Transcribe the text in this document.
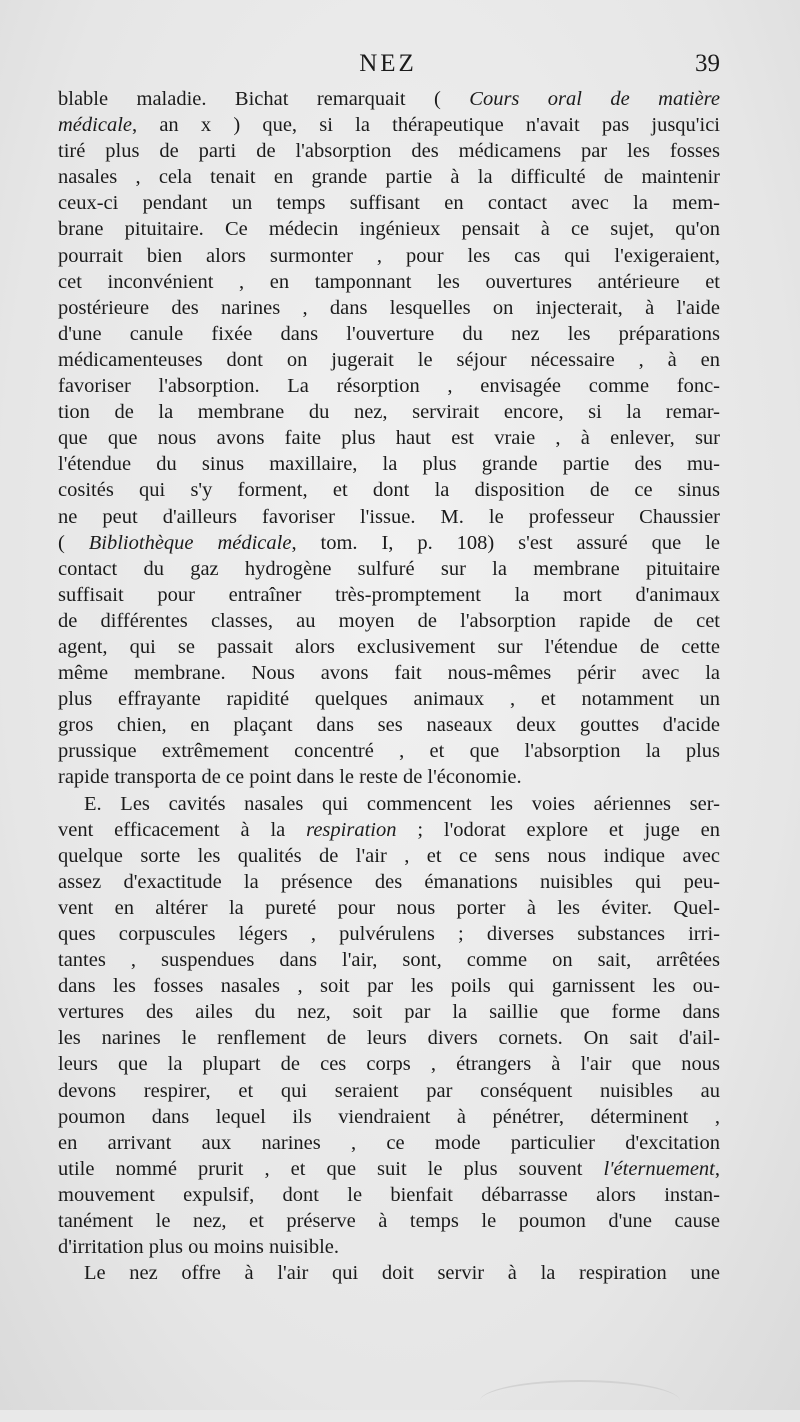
NEZ	39
blable maladie. Bichat remarquait ( Cours oral de matière
médicale, an x ) que, si la thérapeutique n'avait pas jusqu'ici
tiré plus de parti de l'absorption des médicamens par les fosses
nasales , cela tenait en grande partie à la difficulté de maintenir
ceux-ci pendant un temps suffisant en contact avec la mem-
brane pituitaire. Ce médecin ingénieux pensait à ce sujet, qu'on
pourrait bien alors surmonter , pour les cas qui l'exigeraient,
cet inconvénient , en tamponnant les ouvertures antérieure et
postérieure des narines , dans lesquelles on injecterait, à l'aide
d'une canule fixée dans l'ouverture du nez les préparations
médicamenteuses dont on jugerait le séjour nécessaire , à en
favoriser l'absorption. La résorption , envisagée comme fonc-
tion de la membrane du nez, servirait encore, si la remar-
que que nous avons faite plus haut est vraie , à enlever, sur
l'étendue du sinus maxillaire, la plus grande partie des mu-
cosités qui s'y forment, et dont la disposition de ce sinus
ne peut d'ailleurs favoriser l'issue. M. le professeur Chaussier
( Bibliothèque médicale, tom. I, p. 108) s'est assuré que le
contact du gaz hydrogène sulfuré sur la membrane pituitaire
suffisait pour entraîner très-promptement la mort d'animaux
de différentes classes, au moyen de l'absorption rapide de cet
agent, qui se passait alors exclusivement sur l'étendue de cette
même membrane. Nous avons fait nous-mêmes périr avec la
plus effrayante rapidité quelques animaux , et notamment un
gros chien, en plaçant dans ses naseaux deux gouttes d'acide
prussique extrêmement concentré , et que l'absorption la plus
rapide transporta de ce point dans le reste de l'économie.
E. Les cavités nasales qui commencent les voies aériennes ser-
vent efficacement à la respiration ; l'odorat explore et juge en
quelque sorte les qualités de l'air , et ce sens nous indique avec
assez d'exactitude la présence des émanations nuisibles qui peu-
vent en altérer la pureté pour nous porter à les éviter. Quel-
ques corpuscules légers , pulvérulens ; diverses substances irri-
tantes , suspendues dans l'air, sont, comme on sait, arrêtées
dans les fosses nasales , soit par les poils qui garnissent les ou-
vertures des ailes du nez, soit par la saillie que forme dans
les narines le renflement de leurs divers cornets. On sait d'ail-
leurs que la plupart de ces corps , étrangers à l'air que nous
devons respirer, et qui seraient par conséquent nuisibles au
poumon dans lequel ils viendraient à pénétrer, déterminent ,
en arrivant aux narines , ce mode particulier d'excitation
utile nommé prurit , et que suit le plus souvent l'éternuement,
mouvement expulsif, dont le bienfait débarrasse alors instan-
tanément le nez, et préserve à temps le poumon d'une cause
d'irritation plus ou moins nuisible.
Le nez offre à l'air qui doit servir à la respiration une
